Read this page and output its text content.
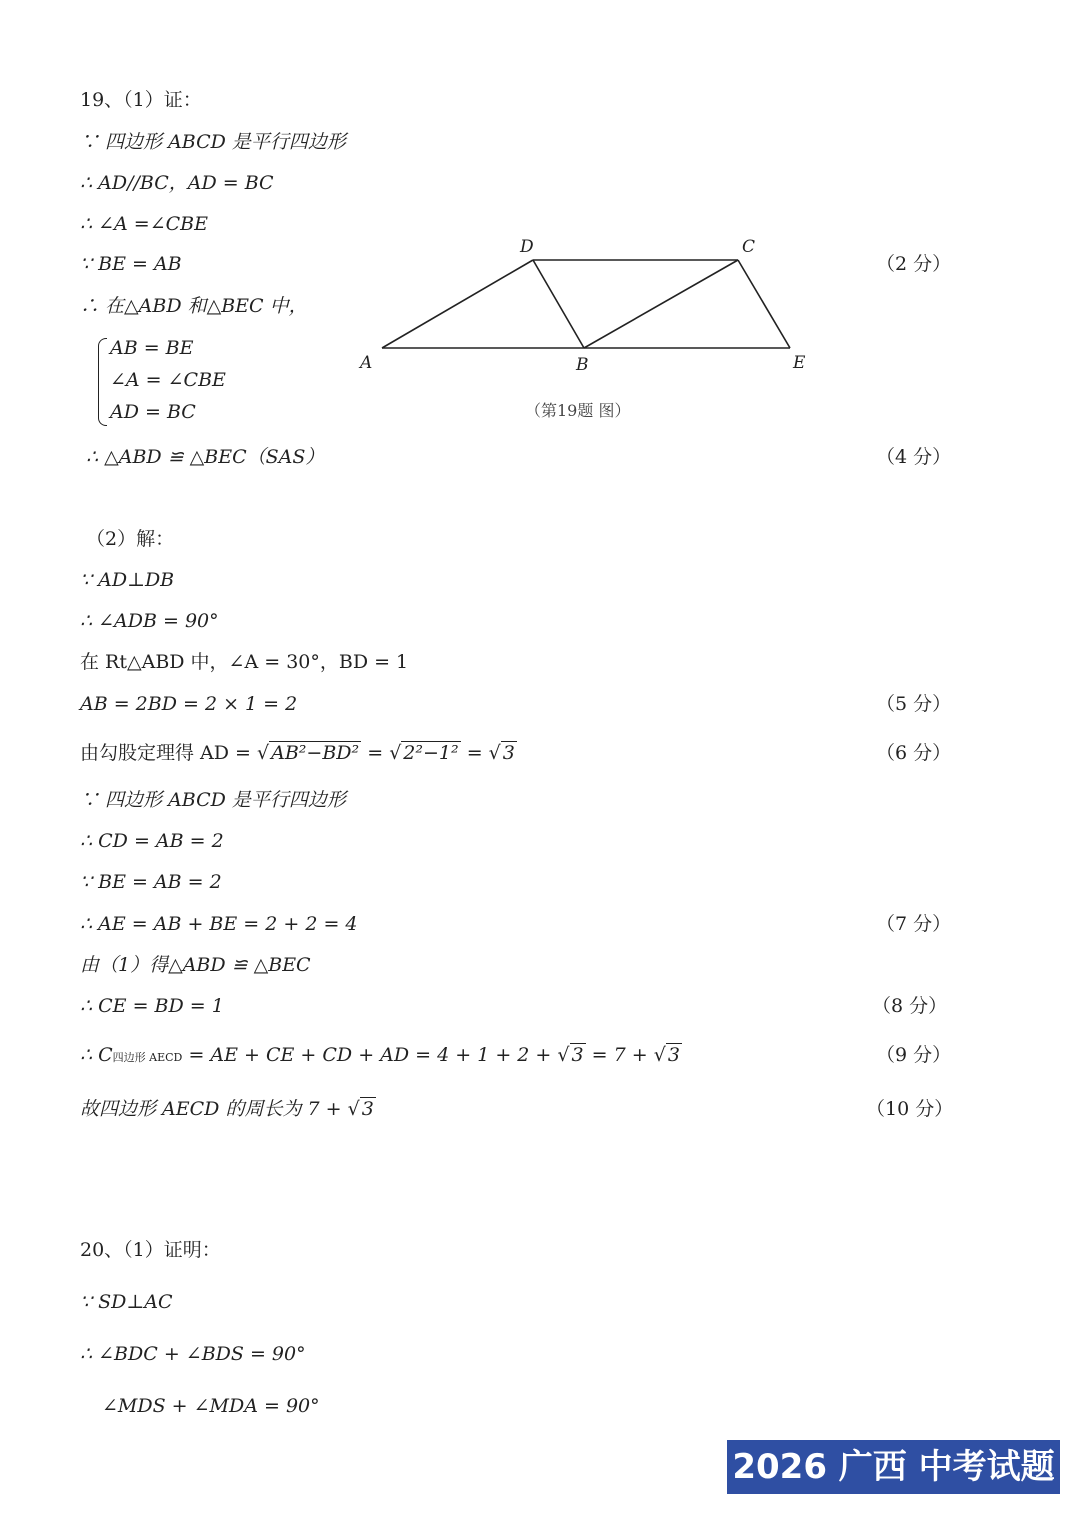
19、（1）证：
∵ 四边形 ABCD 是平行四边形
∴ AD//BC，AD = BC
∴ ∠A =∠CBE
∵ BE = AB
∴ 在△ABD 和△BEC 中，
AB = BE
∠A = ∠CBE
AD = BC
∴ △ABD ≌ △BEC（SAS）
（2 分）
（4 分）
D	C
A	B	E
（第19题 图）
（2）解：
∵ AD⊥DB
∴ ∠ADB = 90°
在 Rt△ABD 中，∠A = 30°，BD = 1
AB = 2BD = 2 × 1 = 2
由勾股定理得 AD = √ AB²−BD² = √ 2²−1² = √ 3
∵ 四边形 ABCD 是平行四边形
∴ CD = AB = 2
∵ BE = AB = 2
∴ AE = AB + BE = 2 + 2 = 4
由（1）得△ABD ≌ △BEC
∴ CE = BD = 1
∴ C四边形 AECD = AE + CE + CD + AD = 4 + 1 + 2 + √ 3 = 7 + √ 3
故四边形 AECD 的周长为 7 + √ 3
（5 分）
（6 分）
（7 分）
（8 分）
（9 分）
（10 分）
20、（1）证明：
∵ SD⊥AC
∴ ∠BDC + ∠BDS = 90°
∠MDS + ∠MDA = 90°
2026 广西 中考试题
